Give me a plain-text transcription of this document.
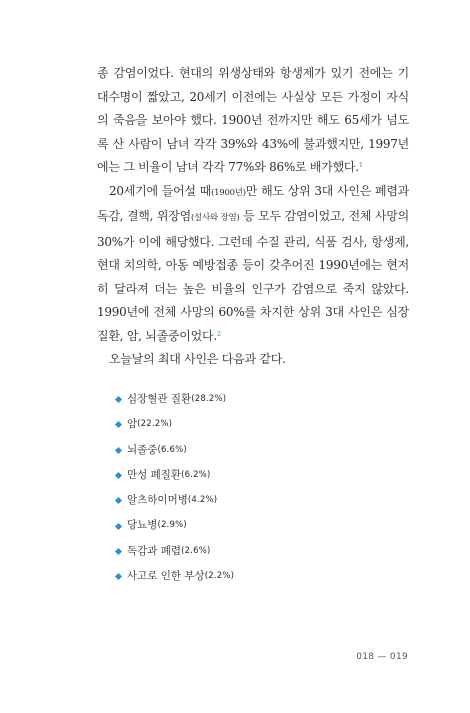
종 감염이었다. 현대의 위생상태와 항생제가 있기 전에는 기대수명이 짧았고, 20세기 이전에는 사실상 모든 가정이 자식의 죽음을 보아야 했다. 1900년 전까지만 해도 65세가 넘도록 산 사람이 남녀 각각 39%와 43%에 불과했지만, 1997년에는 그 비율이 남녀 각각 77%와 86%로 배가했다.$^1$

20세기에 들어설 때(1900년)만 해도 상위 3대 사인은 폐렴과 독감, 결핵, 위장염(설사와 장염) 등 모두 감염이었고, 전체 사망의 30%가 이에 해당했다. 그런데 수질 관리, 식품 검사, 항생제, 현대 치의학, 아동 예방접종 등이 갖추어진 1990년에는 현저히 달라져 더는 높은 비율의 인구가 감염으로 죽지 않았다. 1990년에 전체 사망의 60%를 차지한 상위 3대 사인은 심장질환, 암, 뇌졸중이었다.$^2$

오늘날의 최대 사인은 다음과 같다.

심장혈관 질환 (28.2%)
암 (22.2%)
뇌졸중 (6.6%)
만성 폐질환 (6.2%)
알츠하이머병 (4.2%)
당뇨병 (2.9%)
독감과 폐렴 (2.6%)
사고로 인한 부상 (2.2%)
018 — 019
